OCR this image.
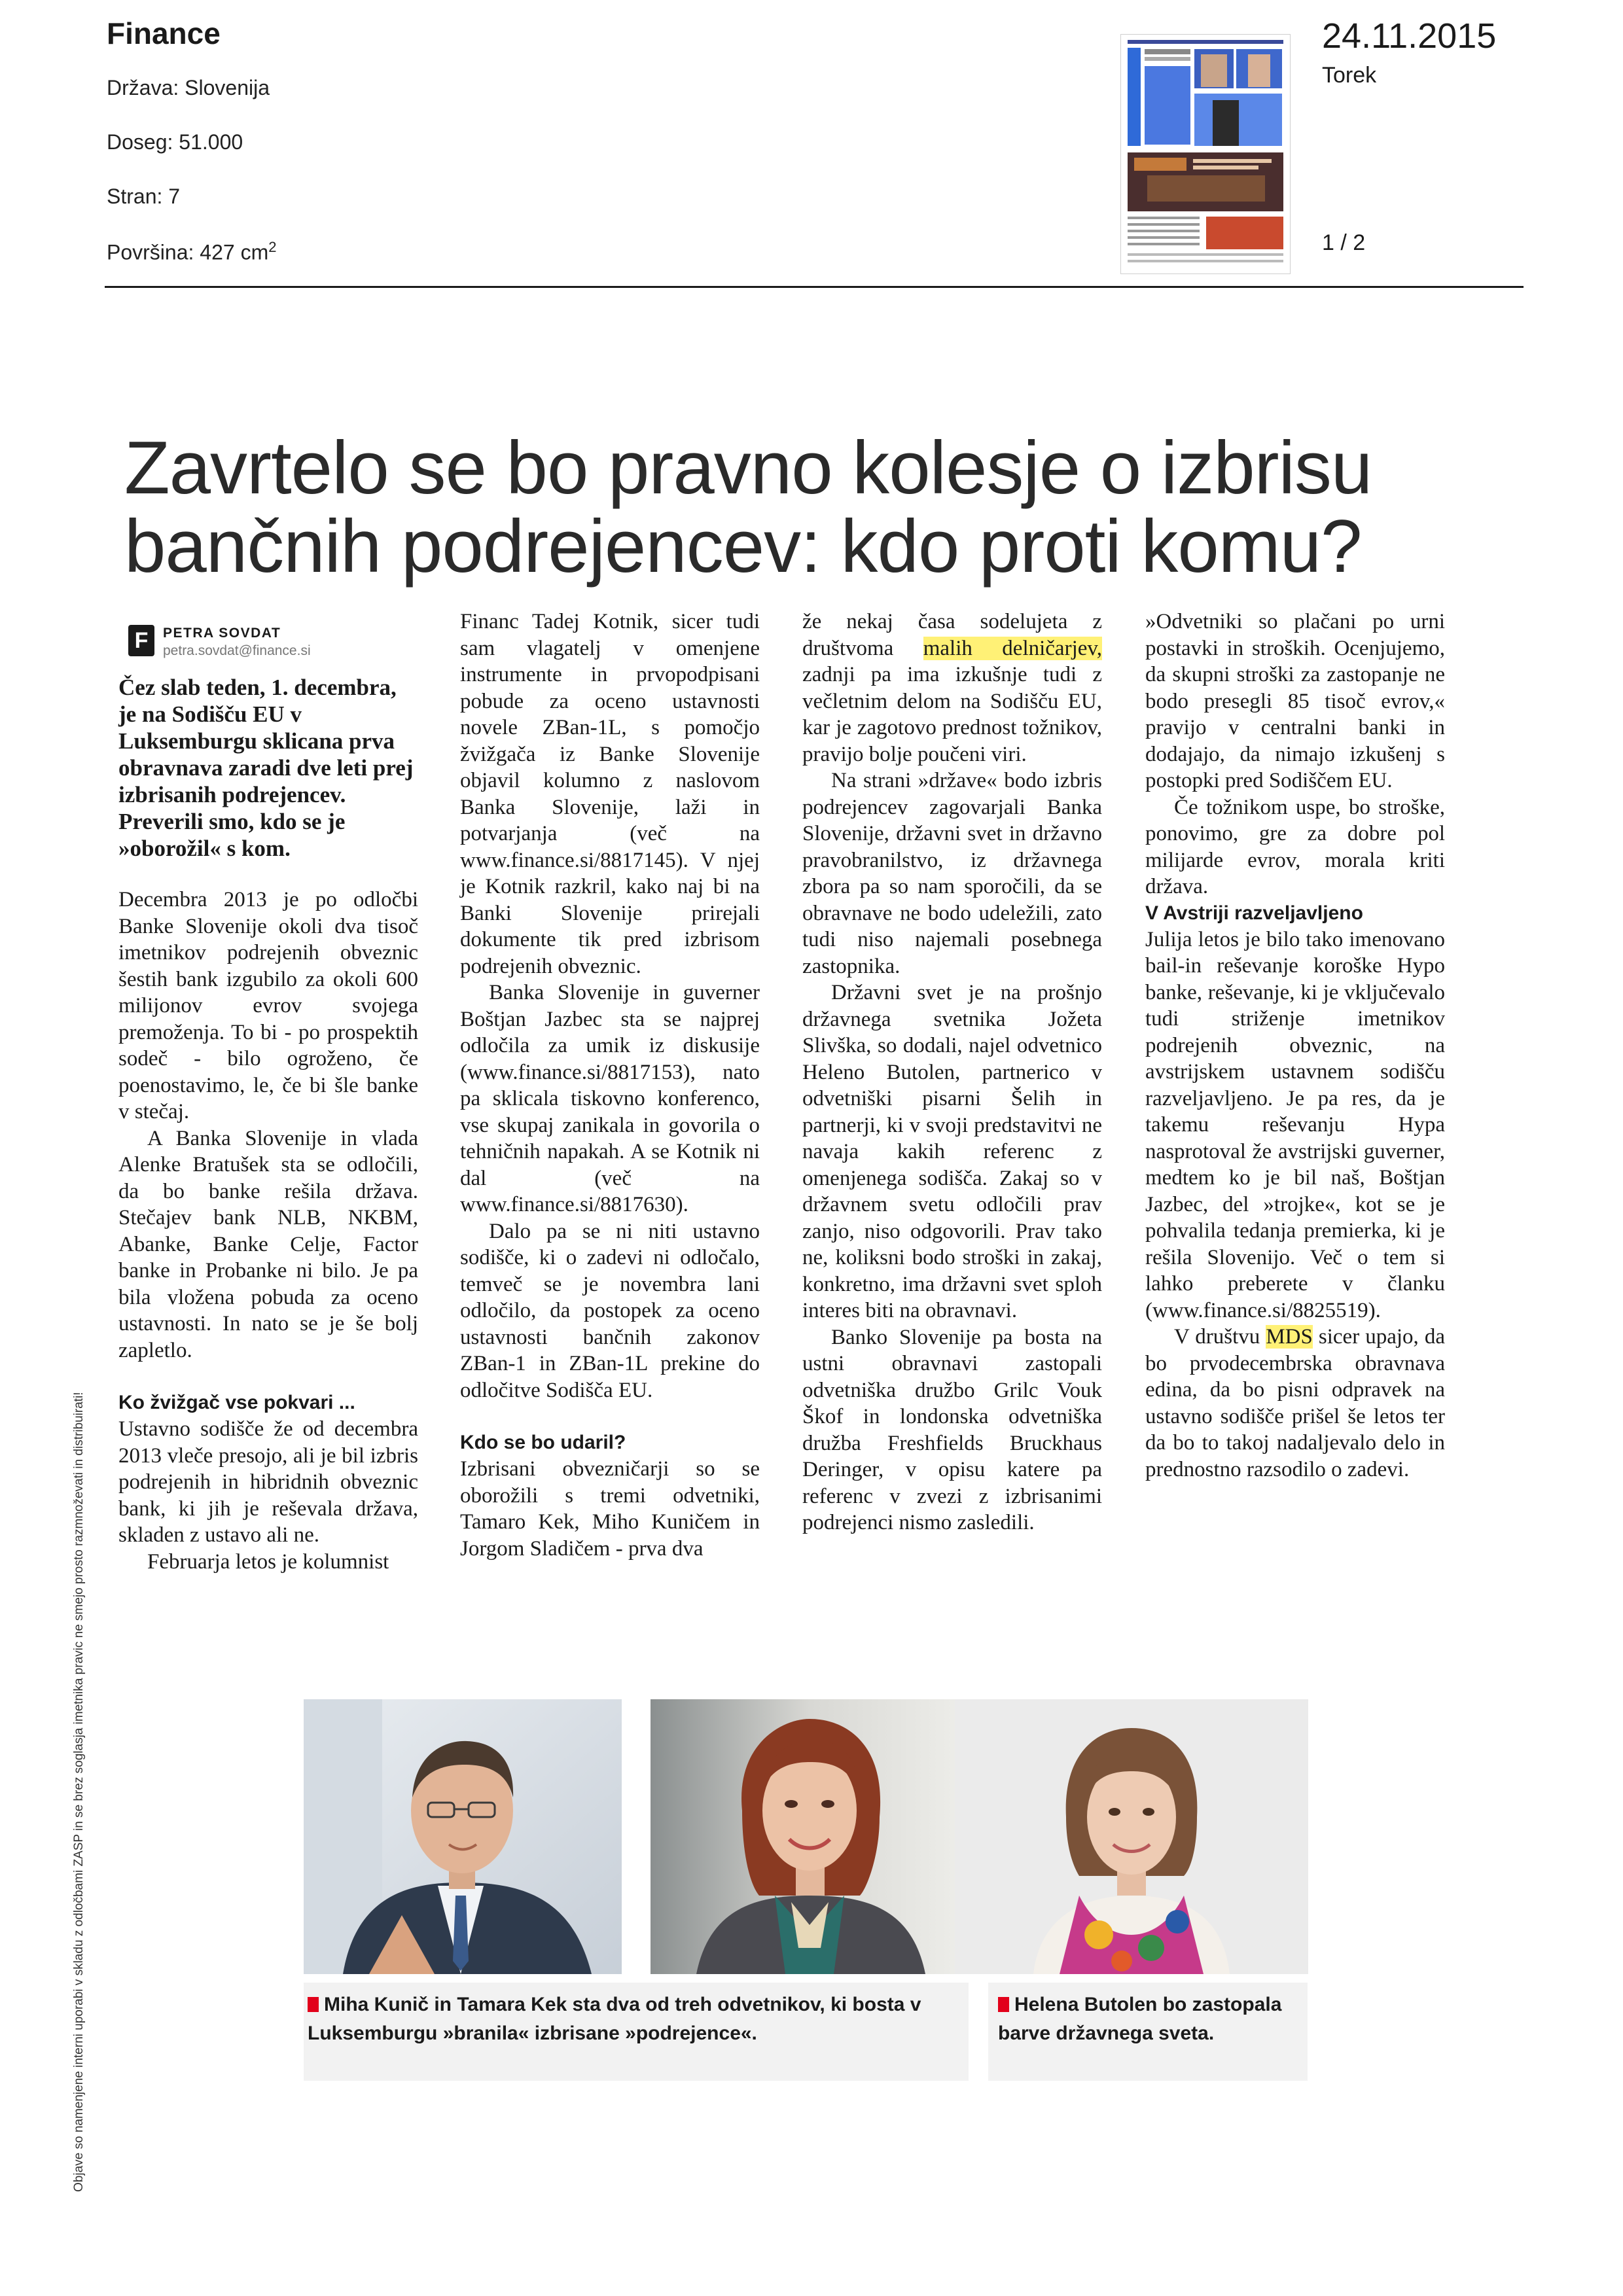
Finance
Država: Slovenija
Doseg: 51.000
Stran: 7
Površina: 427 $cm^2$
24.11.2015
Torek
1 / 2
Zavrtelo se bo pravno kolesje o izbrisu bančnih podrejencev: kdo proti komu?
F	PETRA SOVDAT
petra.sovdat@finance.si

Čez slab teden, 1. decembra, je na Sodišču EU v Luksemburgu sklicana prva obravnava zaradi dve leti prej izbrisanih podrejencev. Preverili smo, kdo se je »oborožil« s kom.

Decembra 2013 je po odločbi Banke Slovenije okoli dva tisoč imetnikov podrejenih obveznic šestih bank izgubilo za okoli 600 milijonov evrov svojega premoženja. To bi - po prospektih sodeč - bilo ogroženo, če poenostavimo, le, če bi šle banke v stečaj.

A Banka Slovenije in vlada Alenke Bratušek sta se odločili, da bo banke rešila država. Stečajev bank NLB, NKBM, Abanke, Banke Celje, Factor banke in Probanke ni bilo. Je pa bila vložena pobuda za oceno ustavnosti. In nato se je še bolj zapletlo.

Ko žvižgač vse pokvari ...

Ustavno sodišče že od decembra 2013 vleče presojo, ali je bil izbris podrejenih in hibridnih obveznic bank, ki jih je reševala država, skladen z ustavo ali ne.

Februarja letos je kolumnist

Financ Tadej Kotnik, sicer tudi sam vlagatelj v omenjene instrumente in prvopodpisani pobude za oceno ustavnosti novele ZBan-1L, s pomočjo žvižgača iz Banke Slovenije objavil kolumno z naslovom Banka Slovenije, laži in potvarjanja (več na www.finance.si/8817145). V njej je Kotnik razkril, kako naj bi na Banki Slovenije prirejali dokumente tik pred izbrisom podrejenih obveznic.

Banka Slovenije in guverner Boštjan Jazbec sta se najprej odločila za umik iz diskusije (www.finance.si/8817153), nato pa sklicala tiskovno konferenco, vse skupaj zanikala in govorila o tehničnih napakah. A se Kotnik ni dal (več na www.finance.si/8817630).

Dalo pa se ni niti ustavno sodišče, ki o zadevi ni odločalo, temveč se je novembra lani odločilo, da postopek za oceno ustavnosti bančnih zakonov ZBan-1 in ZBan-1L prekine do odločitve Sodišča EU.

Kdo se bo udaril?

Izbrisani obvezničarji so se oborožili s tremi odvetniki, Tamaro Kek, Miho Kuničem in Jorgom Sladičem - prva dva

že nekaj časa sodelujeta z društvoma malih delničarjev, zadnji pa ima izkušnje tudi z večletnim delom na Sodišču EU, kar je zagotovo prednost tožnikov, pravijo bolje poučeni viri.

Na strani »države« bodo izbris podrejencev zagovarjali Banka Slovenije, državni svet in državno pravobranilstvo, iz državnega zbora pa so nam sporočili, da se obravnave ne bodo udeležili, zato tudi niso najemali posebnega zastopnika.

Državni svet je na prošnjo državnega svetnika Jožeta Slivška, so dodali, najel odvetnico Heleno Butolen, partnerico v odvetniški pisarni Šelih in partnerji, ki v svoji predstavitvi ne navaja kakih referenc z omenjenega sodišča. Zakaj so v državnem svetu odločili prav zanjo, niso odgovorili. Prav tako ne, koliksni bodo stroški in zakaj, konkretno, ima državni svet sploh interes biti na obravnavi.

Banko Slovenije pa bosta na ustni obravnavi zastopali odvetniška družbo Grilc Vouk Škof in londonska odvetniška družba Freshfields Bruckhaus Deringer, v opisu katere pa referenc v zvezi z izbrisanimi podrejenci nismo zasledili.

»Odvetniki so plačani po urni postavki in stroških. Ocenjujemo, da skupni stroški za zastopanje ne bodo presegli 85 tisoč evrov,« pravijo v centralni banki in dodajajo, da nimajo izkušenj s postopki pred Sodiščem EU.

Če tožnikom uspe, bo stroške, ponovimo, gre za dobre pol milijarde evrov, morala kriti država.

V Avstriji razveljavljeno

Julija letos je bilo tako imenovano bail-in reševanje koroške Hypo banke, reševanje, ki je vključevalo tudi striženje imetnikov podrejenih obveznic, na avstrijskem ustavnem sodišču razveljavljeno. Je pa res, da je takemu reševanju Hypa nasprotoval že avstrijski guverner, medtem ko je bil naš, Boštjan Jazbec, del »trojke«, kot se je pohvalila tedanja premierka, ki je rešila Slovenijo. Več o tem si lahko preberete v članku (www.finance.si/8825519).

V društvu MDS sicer upajo, da bo prvodecembrska obravnava edina, da bo pisni odpravek na ustavno sodišče prišel še letos ter da bo to takoj nadaljevalo delo in prednostno razsodilo o zadevi.

Miha Kunič in Tamara Kek sta dva od treh odvetnikov, ki bosta v Luksemburgu »branila« izbrisane »podrejence«.
Helena Butolen bo zastopala barve državnega sveta.
Objave so namenjene interni uporabi v skladu z odločbami ZASP in se brez soglasja imetnika pravic ne smejo prosto razmnoževati in distribuirati!
